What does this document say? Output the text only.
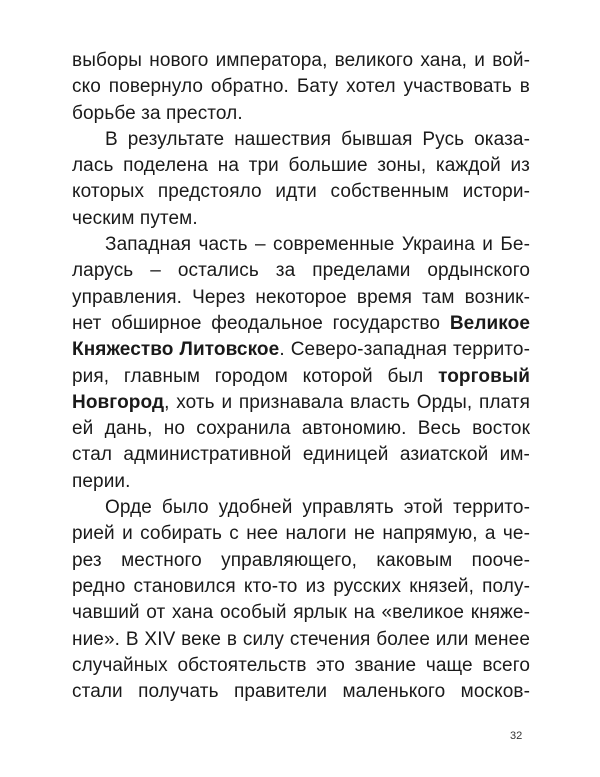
выборы нового императора, великого хана, и вой-
ско повернуло обратно. Бату хотел участвовать в
борьбе за престол.
В результате нашествия бывшая Русь оказа-
лась поделена на три большие зоны, каждой из
которых предстояло идти собственным истори-
ческим путем.
Западная часть – современные Украина и Бе-
ларусь – остались за пределами ордынского
управления. Через некоторое время там возник-
нет обширное феодальное государство Великое
Княжество Литовское. Северо-западная террито-
рия, главным городом которой был торговый
Новгород, хоть и признавала власть Орды, платя
ей дань, но сохранила автономию. Весь восток
стал административной единицей азиатской им-
перии.
Орде было удобней управлять этой террито-
рией и собирать с нее налоги не напрямую, а че-
рез местного управляющего, каковым пооче-
редно становился кто-то из русских князей, полу-
чавший от хана особый ярлык на «великое княже-
ние». В XIV веке в силу стечения более или менее
случайных обстоятельств это звание чаще всего
стали получать правители маленького москов-
32
